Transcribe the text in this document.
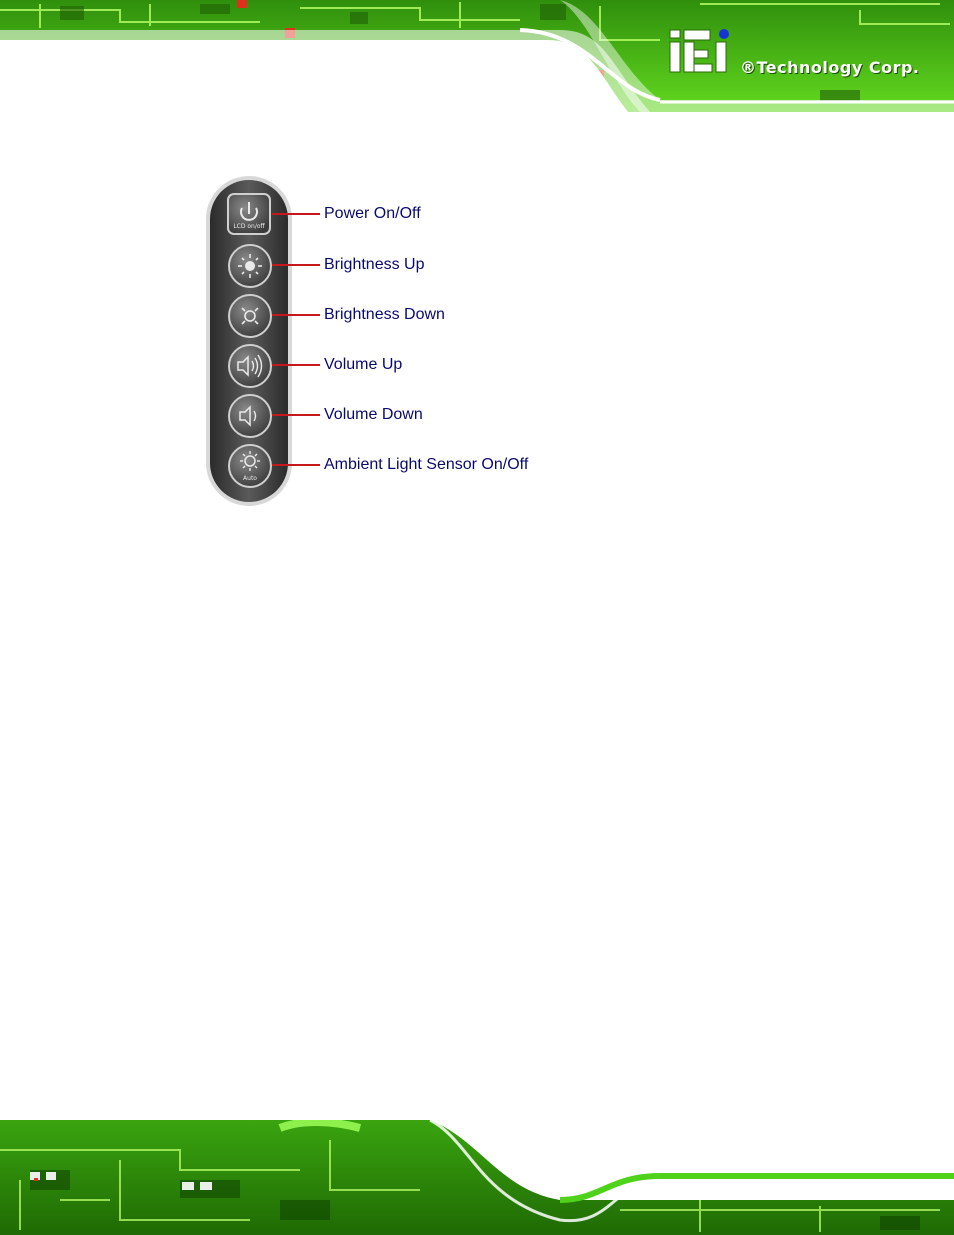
®Technology Corp.
LCD on/off
Auto
Power On/Off
Brightness Up
Brightness Down
Volume Up
Volume Down
Ambient Light Sensor On/Off
